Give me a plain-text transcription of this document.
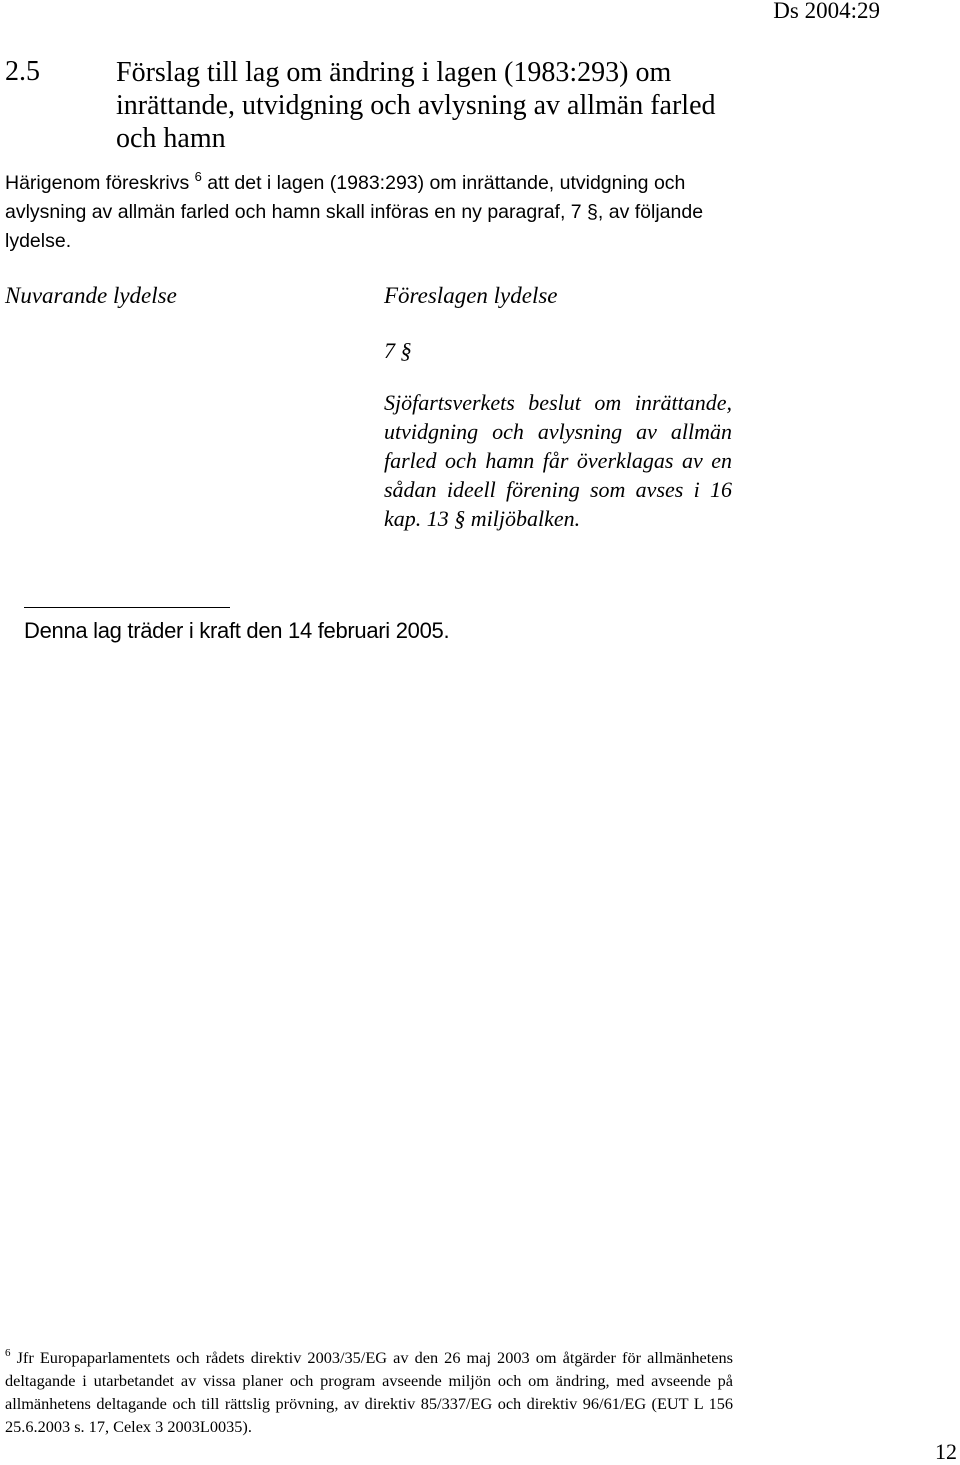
Ds 2004:29
2.5	Förslag till lag om ändring i lagen (1983:293) om inrättande, utvidgning och avlysning av allmän farled och hamn
Härigenom föreskrivs $^6$ att det i lagen (1983:293) om inrättande, utvidgning och avlysning av allmän farled och hamn skall införas en ny paragraf, 7 §, av följande lydelse.
Nuvarande lydelse	Föreslagen lydelse
7 §
Sjöfartsverkets beslut om inrättande, utvidgning och avlysning av allmän farled och hamn får överklagas av en sådan ideell förening som avses i 16 kap. 13 § miljöbalken.
Denna lag träder i kraft den 14 februari 2005.
$^6$ Jfr Europaparlamentets och rådets direktiv 2003/35/EG av den 26 maj 2003 om åtgärder för allmänhetens deltagande i utarbetandet av vissa planer och program avseende miljön och om ändring, med avseende på allmänhetens deltagande och till rättslig prövning, av direktiv 85/337/EG och direktiv 96/61/EG (EUT L 156 25.6.2003 s. 17, Celex 3 2003L0035).
12
